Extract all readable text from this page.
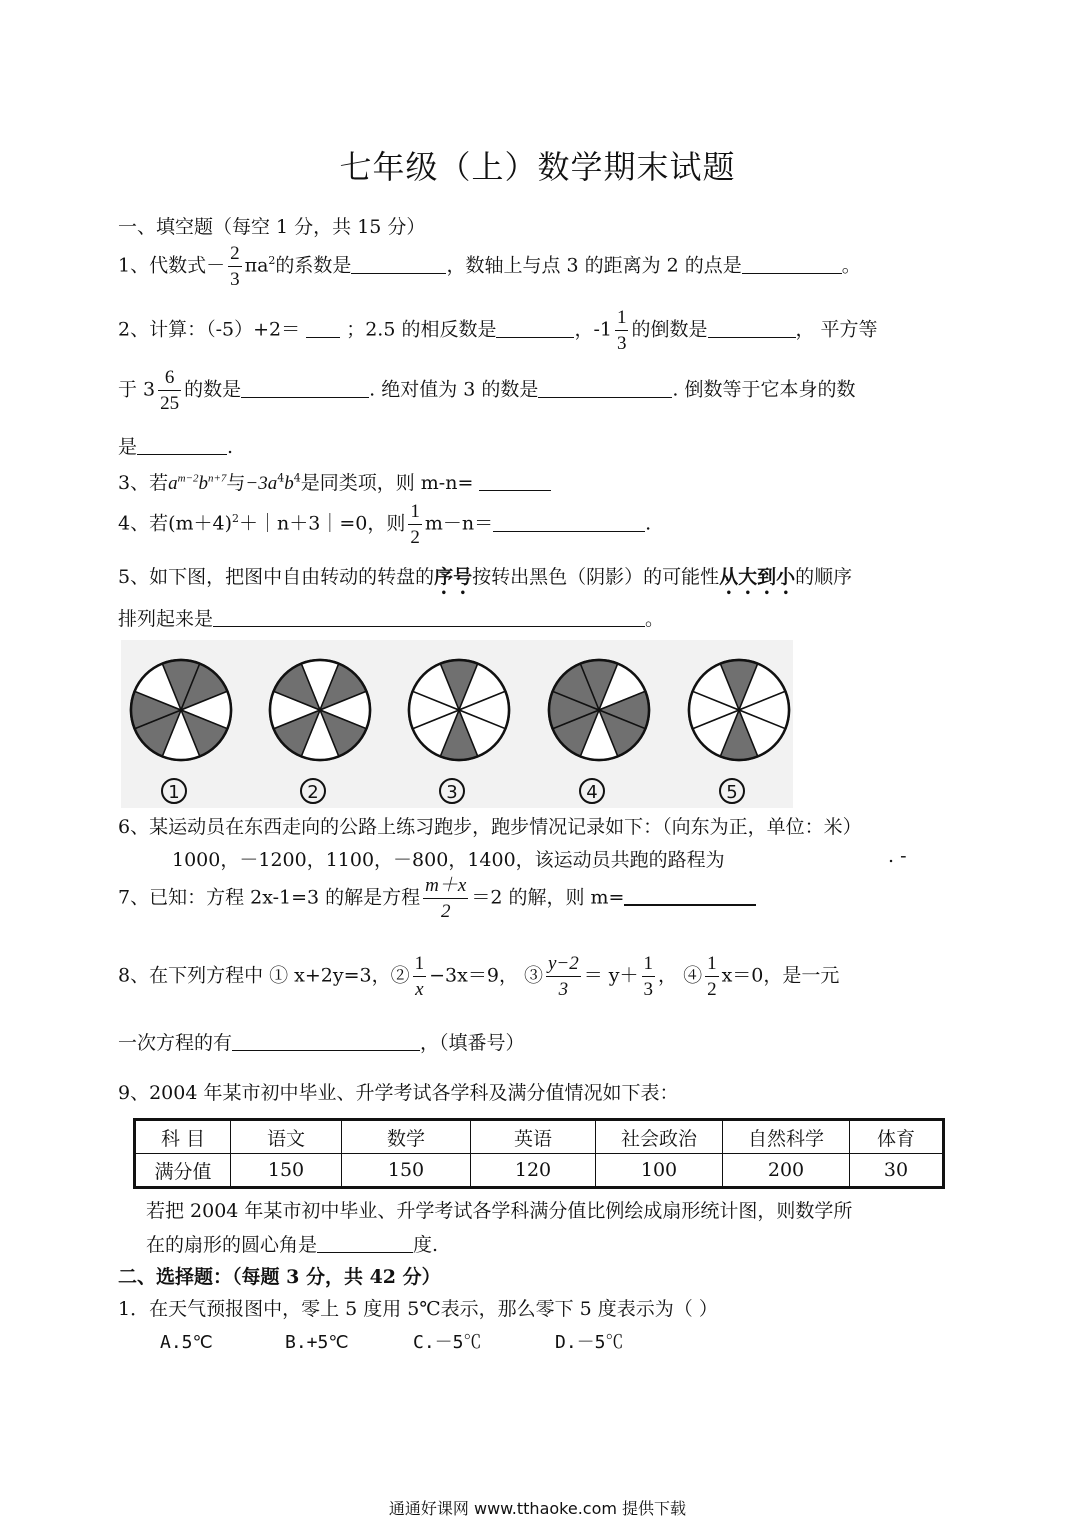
七年级（上）数学期末试题
一、填空题（每空 1 分，共 15 分）
1、代数式－ $\frac{2}{3} \pi a^2$的系数是	，数轴上与点 3 的距离为 2 的点是	。
2、计算：（-5）+2＝ ；2.5 的相反数是	，$-1 \frac{1}{3}$ 的倒数是	， 平方等
于 $3 \frac{6}{25}$ 的数是	. 绝对值为 3 的数是	. 倒数等于它本身的数
是	.
3、若$a^{m-2}b^{n+7}$与$-3a^4b^4$是同类项，则 m-n=
4、若$(m+4)^2+|n+3|=0$，则 $\frac{1}{2} m-n=$	.
5、如下图，把图中自由转动的转盘的序号按转出黑色（阴影）的可能性从大到小的顺序
排列起来是	。
1	2	3	4	5
6、某运动员在东西走向的公路上练习跑步，跑步情况记录如下：（向东为正，单位：米）
1000，－1200，1100，－800，1400，该运动员共跑的路程为	. -
7、已知：方程 2x-1=3 的解是方程 $\frac{m+x}{2} =2$ 的解，则 m=
8、在下列方程中 ① x+2y=3，② $\frac{1}{x} -3x=9$， ③ $\frac{y-2}{3} = y+ \frac{1}{3}$ ， ④ $\frac{1}{2} x=0$，是一元
一次方程的有	，（填番号）
9、2004 年某市初中毕业、升学考试各学科及满分值情况如下表：
科 目	语文	数学	英语	社会政治	自然科学	体育
满分值	150	150	120	100	200	30
若把 2004 年某市初中毕业、升学考试各学科满分值比例绘成扇形统计图，则数学所
在的扇形的圆心角是	度.
二、选择题：（每题 3 分，共 42 分）
1．在天气预报图中，零上 5 度用 5℃表示，那么零下 5 度表示为（ ）
A.5℃	B.+5℃	C.－5℃	D.－5℃
通通好课网 www.tthaoke.com 提供下载
